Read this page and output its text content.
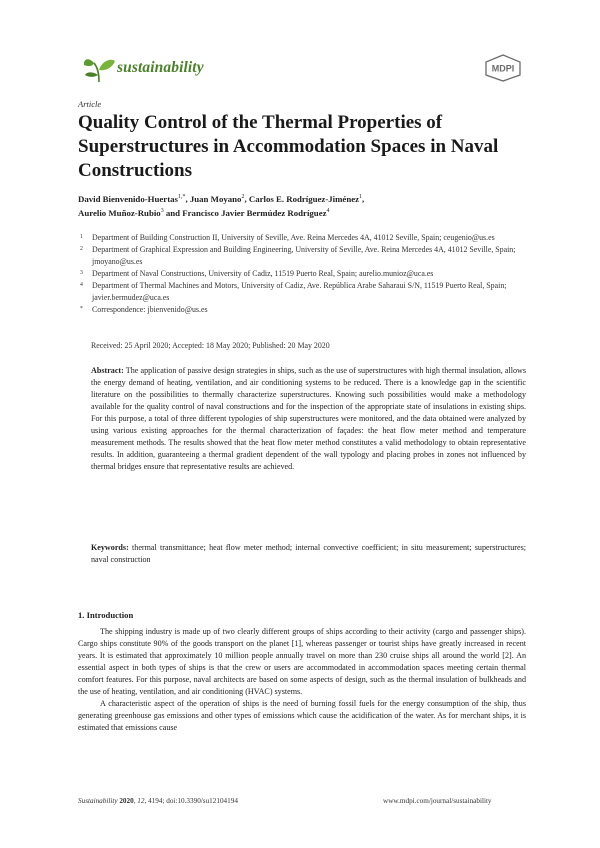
sustainability	MDPI
Article
Quality Control of the Thermal Properties of Superstructures in Accommodation Spaces in Naval Constructions
David Bienvenido-Huertas$^{1,*}$, Juan Moyano$^2$, Carlos E. Rodríguez-Jiménez$^1$,
Aurelio Muñoz-Rubio$^3$ and Francisco Javier Bermúdez Rodríguez$^4$
1 Department of Building Construction II, University of Seville, Ave. Reina Mercedes 4A, 41012 Seville, Spain; ceugenio@us.es
2 Department of Graphical Expression and Building Engineering, University of Seville, Ave. Reina Mercedes 4A, 41012 Seville, Spain; jmoyano@us.es
3 Department of Naval Constructions, University of Cadiz, 11519 Puerto Real, Spain; aurelio.munioz@uca.es
4 Department of Thermal Machines and Motors, University of Cadiz, Ave. República Arabe Saharaui S/N, 11519 Puerto Real, Spain; javier.bermudez@uca.es
* Correspondence: jbienvenido@us.es
Received: 25 April 2020; Accepted: 18 May 2020; Published: 20 May 2020
Abstract: The application of passive design strategies in ships, such as the use of superstructures with high thermal insulation, allows the energy demand of heating, ventilation, and air conditioning systems to be reduced. There is a knowledge gap in the scientific literature on the possibilities to thermally characterize superstructures. Knowing such possibilities would make a methodology available for the quality control of naval constructions and for the inspection of the appropriate state of insulations in existing ships. For this purpose, a total of three different typologies of ship superstructures were monitored, and the data obtained were analyzed by using various existing approaches for the thermal characterization of façades: the heat flow meter method and temperature measurement methods. The results showed that the heat flow meter method constitutes a valid methodology to obtain representative results. In addition, guaranteeing a thermal gradient dependent of the wall typology and placing probes in zones not influenced by thermal bridges ensure that representative results are achieved.
Keywords: thermal transmittance; heat flow meter method; internal convective coefficient; in situ measurement; superstructures; naval construction
1. Introduction

The shipping industry is made up of two clearly different groups of ships according to their activity (cargo and passenger ships). Cargo ships constitute 90% of the goods transport on the planet [1], whereas passenger or tourist ships have greatly increased in recent years. It is estimated that approximately 10 million people annually travel on more than 230 cruise ships all around the world [2]. An essential aspect in both types of ships is that the crew or users are accommodated in accommodation spaces meeting certain thermal comfort features. For this purpose, naval architects are based on some aspects of design, such as the thermal insulation of bulkheads and the use of heating, ventilation, and air conditioning (HVAC) systems.

A characteristic aspect of the operation of ships is the need of burning fossil fuels for the energy consumption of the ship, thus generating greenhouse gas emissions and other types of emissions which cause the acidification of the water. As for merchant ships, it is estimated that emissions cause

Sustainability 2020, 12, 4194; doi:10.3390/su12104194	www.mdpi.com/journal/sustainability
